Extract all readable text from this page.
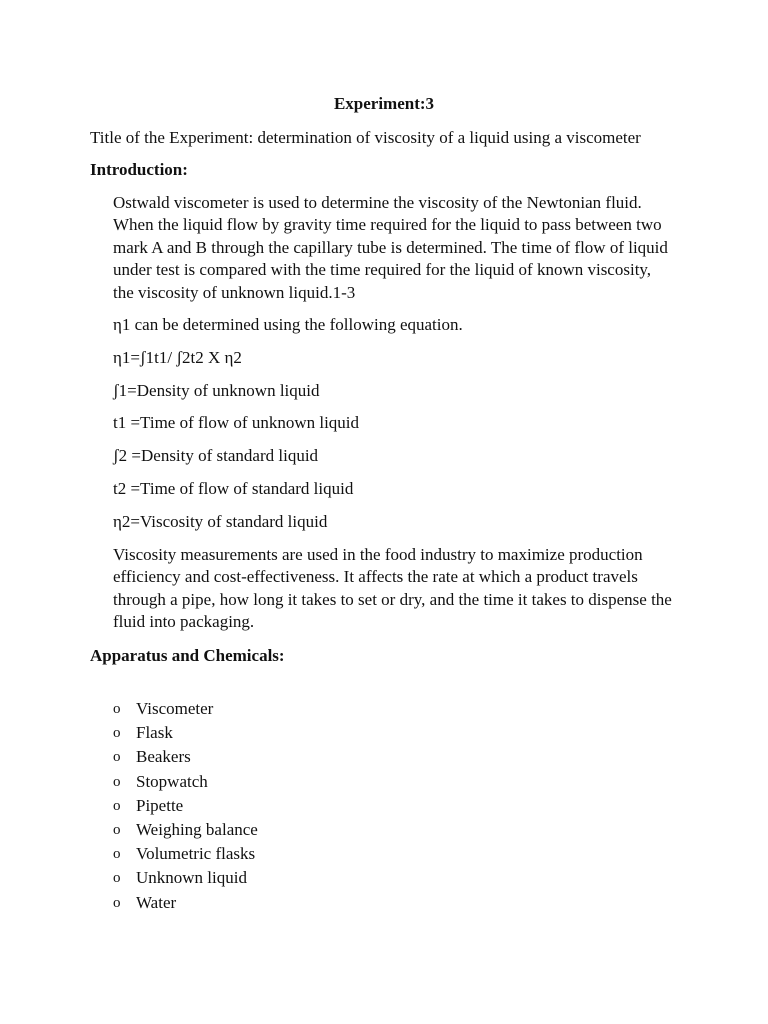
Experiment:3
Title of the Experiment: determination of viscosity of a liquid using a viscometer
Introduction:

Ostwald viscometer is used to determine the viscosity of the Newtonian fluid. When the liquid flow by gravity time required for the liquid to pass between two mark A and B through the capillary tube is determined. The time of flow of liquid under test is compared with the time required for the liquid of known viscosity, the viscosity of unknown liquid.1-3

η1 can be determined using the following equation.
η1=ʃ1t1/ ʃ2t2 X η2
ʃ1=Density of unknown liquid
t1 =Time of flow of unknown liquid
ʃ2 =Density of standard liquid
t2 =Time of flow of standard liquid
η2=Viscosity of standard liquid

Viscosity measurements are used in the food industry to maximize production efficiency and cost-effectiveness. It affects the rate at which a product travels through a pipe, how long it takes to set or dry, and the time it takes to dispense the fluid into packaging.

Apparatus and Chemicals:
o Viscometer
o Flask
o Beakers
o Stopwatch
o Pipette
o Weighing balance
o Volumetric flasks
o Unknown liquid
o Water
